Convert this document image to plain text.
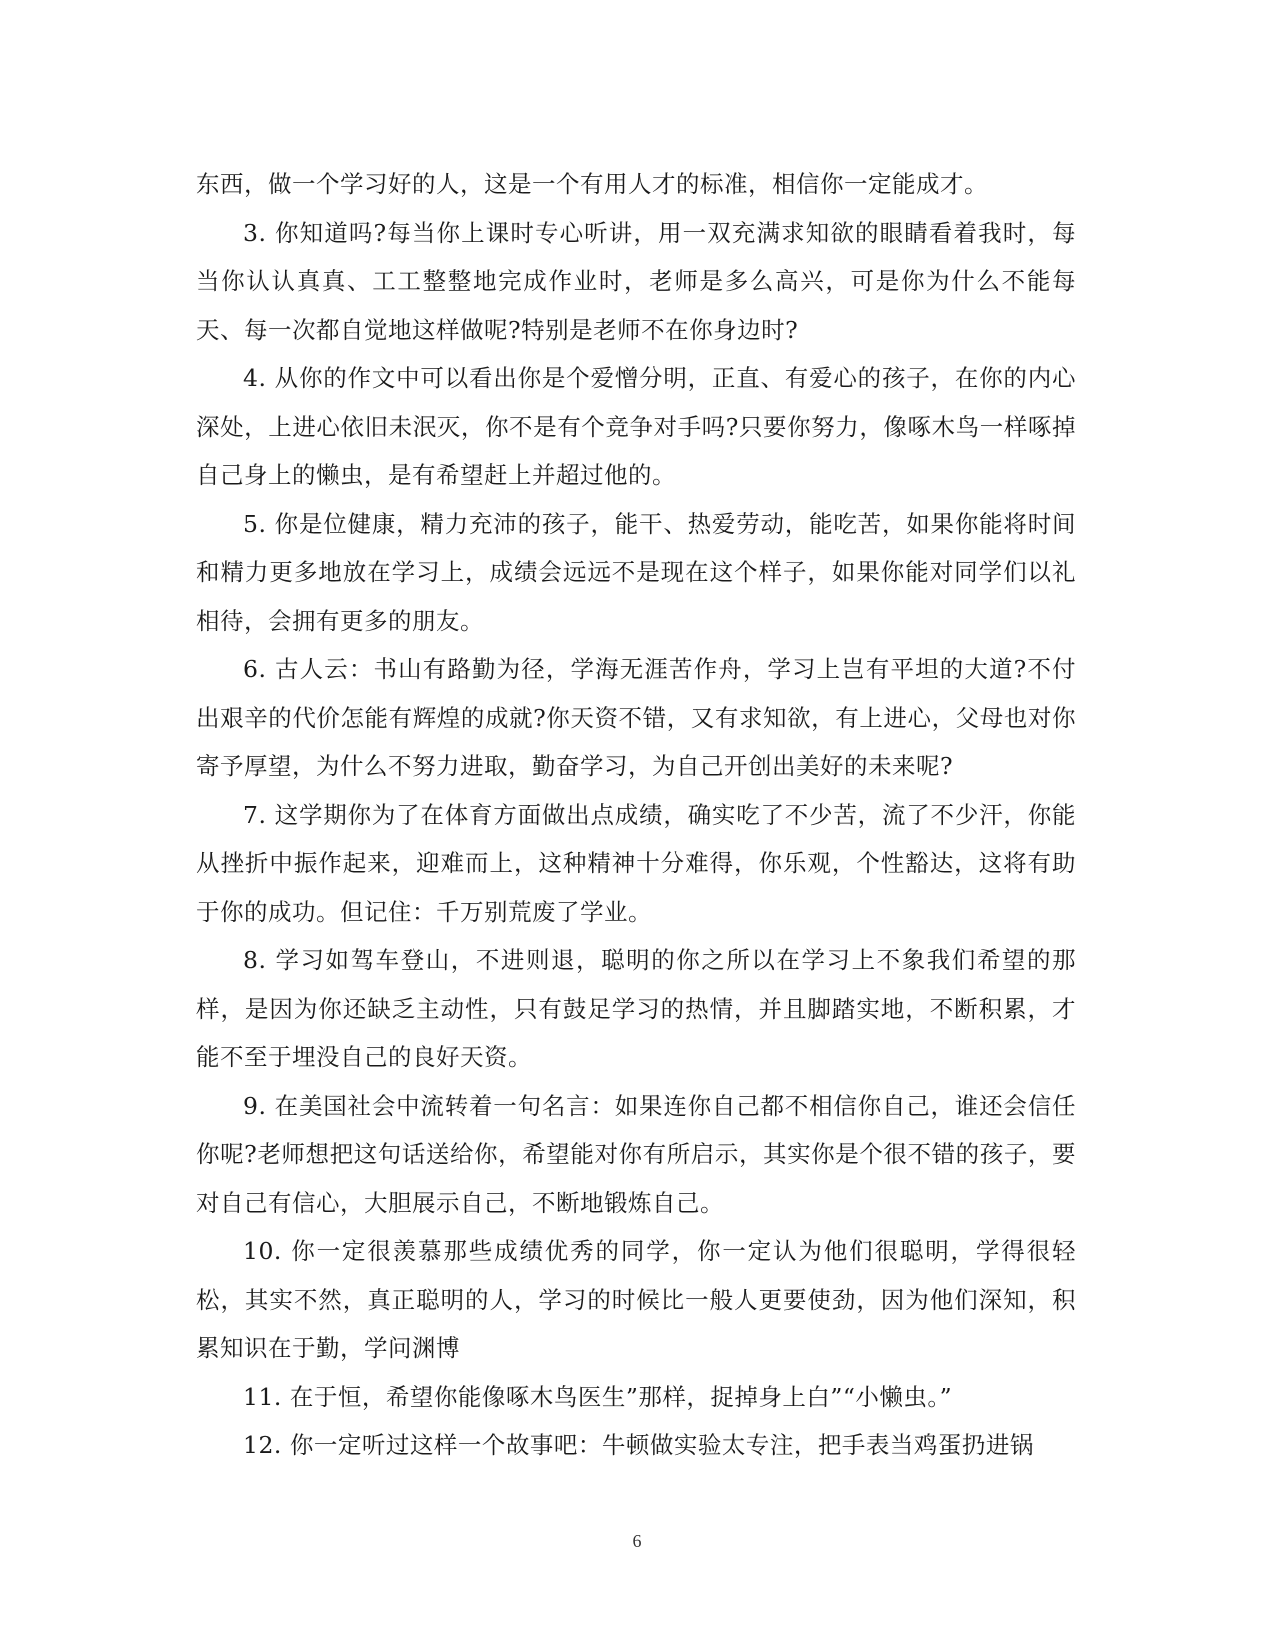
东西，做一个学习好的人，这是一个有用人才的标准，相信你一定能成才。

3. 你知道吗?每当你上课时专心听讲，用一双充满求知欲的眼睛看着我时，每当你认认真真、工工整整地完成作业时，老师是多么高兴，可是你为什么不能每天、每一次都自觉地这样做呢?特别是老师不在你身边时?

4. 从你的作文中可以看出你是个爱憎分明，正直、有爱心的孩子，在你的内心深处，上进心依旧未泯灭，你不是有个竞争对手吗?只要你努力，像啄木鸟一样啄掉自己身上的懒虫，是有希望赶上并超过他的。

5. 你是位健康，精力充沛的孩子，能干、热爱劳动，能吃苦，如果你能将时间和精力更多地放在学习上，成绩会远远不是现在这个样子，如果你能对同学们以礼相待，会拥有更多的朋友。

6. 古人云：书山有路勤为径，学海无涯苦作舟，学习上岂有平坦的大道?不付出艰辛的代价怎能有辉煌的成就?你天资不错，又有求知欲，有上进心，父母也对你寄予厚望，为什么不努力进取，勤奋学习，为自己开创出美好的未来呢?

7. 这学期你为了在体育方面做出点成绩，确实吃了不少苦，流了不少汗，你能从挫折中振作起来，迎难而上，这种精神十分难得，你乐观，个性豁达，这将有助于你的成功。但记住：千万别荒废了学业。

8. 学习如驾车登山，不进则退，聪明的你之所以在学习上不象我们希望的那样，是因为你还缺乏主动性，只有鼓足学习的热情，并且脚踏实地，不断积累，才能不至于埋没自己的良好天资。

9. 在美国社会中流转着一句名言：如果连你自己都不相信你自己，谁还会信任你呢?老师想把这句话送给你，希望能对你有所启示，其实你是个很不错的孩子，要对自己有信心，大胆展示自己，不断地锻炼自己。

10. 你一定很羡慕那些成绩优秀的同学，你一定认为他们很聪明，学得很轻松，其实不然，真正聪明的人，学习的时候比一般人更要使劲，因为他们深知，积累知识在于勤，学问渊博

11. 在于恒，希望你能像啄木鸟医生”那样，捉掉身上白”“小懒虫。”

12. 你一定听过这样一个故事吧：牛顿做实验太专注，把手表当鸡蛋扔进锅

6
